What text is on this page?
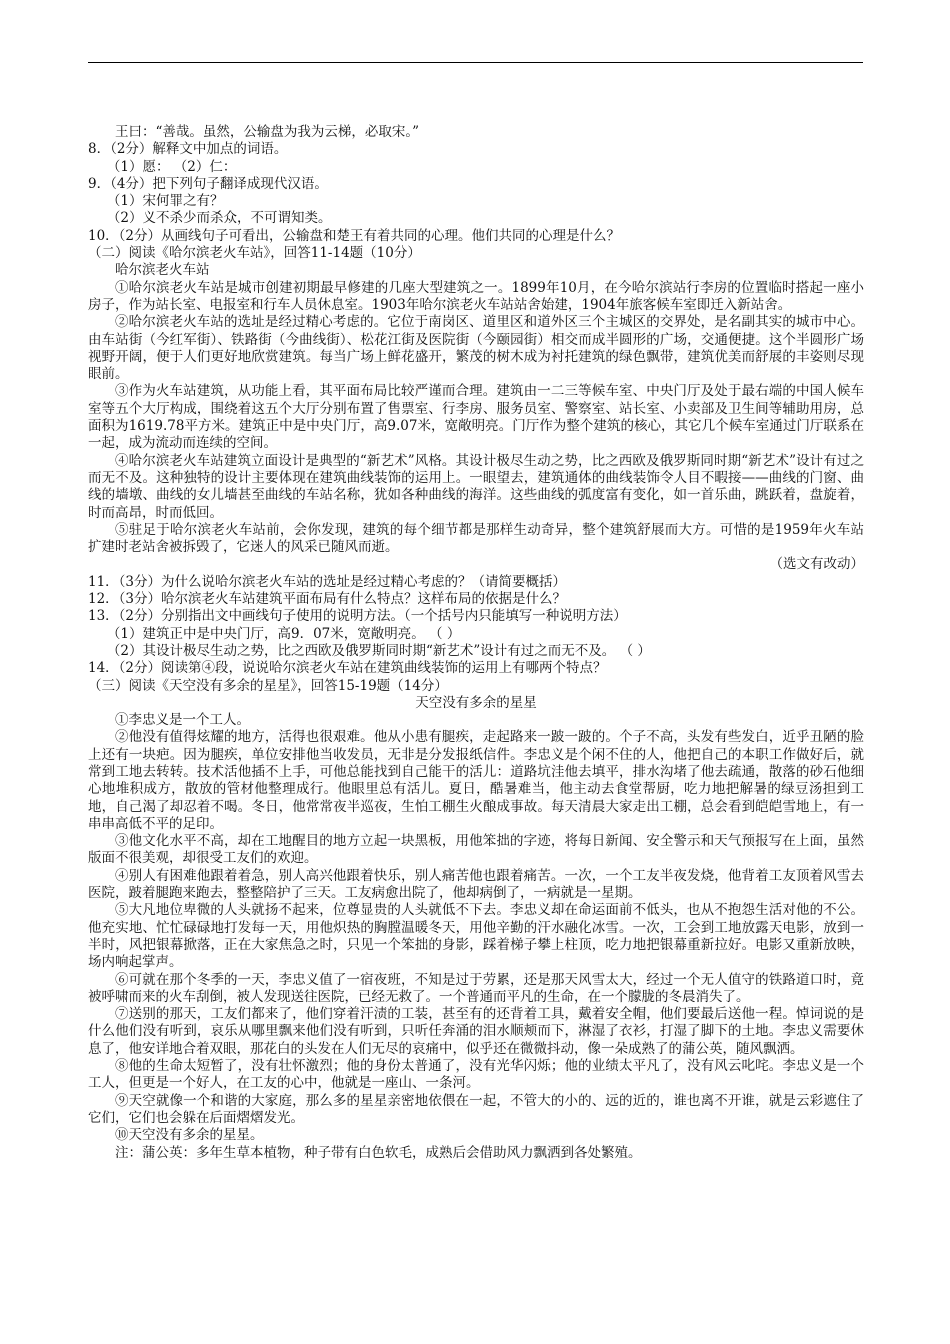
王曰：“善哉。虽然，公输盘为我为云梯，必取宋。”

8．（2分）解释文中加点的词语。

（1）愿： （2）仁：

9．（4分）把下列句子翻译成现代汉语。

（1）宋何罪之有？

（2）义不杀少而杀众，不可谓知类。

10．（2分）从画线句子可看出，公输盘和楚王有着共同的心理。他们共同的心理是什么？

（二）阅读《哈尔滨老火车站》，回答11-14题（10分）

哈尔滨老火车站

①哈尔滨老火车站是城市创建初期最早修建的几座大型建筑之一。1899年10月，在今哈尔滨站行李房的位置临时搭起一座小房子，作为站长室、电报室和行车人员休息室。1903年哈尔滨老火车站站舍始建，1904年旅客候车室即迁入新站舍。

②哈尔滨老火车站的选址是经过精心考虑的。它位于南岗区、道里区和道外区三个主城区的交界处，是名副其实的城市中心。由车站街（今红军街）、铁路街（今曲线街）、松花江街及医院街（今颐园街）相交而成半圆形的广场，交通便捷。这个半圆形广场视野开阔，便于人们更好地欣赏建筑。每当广场上鲜花盛开，繁茂的树木成为衬托建筑的绿色飘带，建筑优美而舒展的丰姿则尽现眼前。

③作为火车站建筑，从功能上看，其平面布局比较严谨而合理。建筑由一二三等候车室、中央门厅及处于最右端的中国人候车室等五个大厅构成，围绕着这五个大厅分别布置了售票室、行李房、服务员室、警察室、站长室、小卖部及卫生间等辅助用房，总面积为1619.78平方米。建筑正中是中央门厅，高9.07米，宽敞明亮。门厅作为整个建筑的核心，其它几个候车室通过门厅联系在一起，成为流动而连续的空间。

④哈尔滨老火车站建筑立面设计是典型的“新艺术”风格。其设计极尽生动之势，比之西欧及俄罗斯同时期“新艺术”设计有过之而无不及。这种独特的设计主要体现在建筑曲线装饰的运用上。一眼望去，建筑通体的曲线装饰令人目不暇接——曲线的门窗、曲线的墙墩、曲线的女儿墙甚至曲线的车站名称，犹如各种曲线的海洋。这些曲线的弧度富有变化，如一首乐曲，跳跃着，盘旋着，时而高昂，时而低回。

⑤驻足于哈尔滨老火车站前，会你发现，建筑的每个细节都是那样生动奇异，整个建筑舒展而大方。可惜的是1959年火车站扩建时老站舍被拆毁了，它迷人的风采已随风而逝。

（选文有改动）

11．（3分）为什么说哈尔滨老火车站的选址是经过精心考虑的？（请简要概括）

12．（3分）哈尔滨老火车站建筑平面布局有什么特点？这样布局的依据是什么？

13．（2分）分别指出文中画线句子使用的说明方法。（一个括号内只能填写一种说明方法）

（1）建筑正中是中央门厅，高9．07米，宽敞明亮。 （ ）

（2）其设计极尽生动之势，比之西欧及俄罗斯同时期“新艺术”设计有过之而无不及。 （ ）

14．（2分）阅读第④段，说说哈尔滨老火车站在建筑曲线装饰的运用上有哪两个特点？

（三）阅读《天空没有多余的星星》，回答15-19题（14分）

天空没有多余的星星

①李忠义是一个工人。

②他没有值得炫耀的地方，活得也很艰难。他从小患有腿疾，走起路来一跛一跛的。个子不高，头发有些发白，近乎丑陋的脸上还有一块疤。因为腿疾，单位安排他当收发员，无非是分发报纸信件。李忠义是个闲不住的人，他把自己的本职工作做好后，就常到工地去转转。技术活他插不上手，可他总能找到自己能干的活儿：道路坑洼他去填平，排水沟堵了他去疏通，散落的砂石他细心地堆积成方，散放的管材他整理成行。他眼里总有活儿。夏日，酷暑难当，他主动去食堂帮厨，吃力地把解暑的绿豆汤担到工地，自己渴了却忍着不喝。冬日，他常常夜半巡夜，生怕工棚生火酿成事故。每天清晨大家走出工棚，总会看到皑皑雪地上，有一串串高低不平的足印。

③他文化水平不高，却在工地醒目的地方立起一块黑板，用他笨拙的字迹，将每日新闻、安全警示和天气预报写在上面，虽然版面不很美观，却很受工友们的欢迎。

④别人有困难他跟着着急，别人高兴他跟着快乐，别人痛苦他也跟着痛苦。一次，一个工友半夜发烧，他背着工友顶着风雪去医院，跛着腿跑来跑去，整整陪护了三天。工友病愈出院了，他却病倒了，一病就是一星期。

⑤大凡地位卑微的人头就扬不起来，位尊显贵的人头就低不下去。李忠义却在命运面前不低头，也从不抱怨生活对他的不公。他充实地、忙忙碌碌地打发每一天，用他炽热的胸膛温暖冬天，用他辛勤的汗水融化冰雪。一次，工会到工地放露天电影，放到一半时，风把银幕掀落，正在大家焦急之时，只见一个笨拙的身影，踩着梯子攀上柱顶，吃力地把银幕重新拉好。电影又重新放映，场内响起掌声。

⑥可就在那个冬季的一天，李忠义值了一宿夜班，不知是过于劳累，还是那天风雪太大，经过一个无人值守的铁路道口时，竟被呼啸而来的火车刮倒，被人发现送往医院，已经无救了。一个普通而平凡的生命，在一个朦胧的冬晨消失了。

⑦送别的那天，工友们都来了，他们穿着汗渍的工装，甚至有的还背着工具，戴着安全帽，他们要最后送他一程。悼词说的是什么他们没有听到，哀乐从哪里飘来他们没有听到，只听任奔涌的泪水顺颊而下，淋湿了衣衫，打湿了脚下的土地。李忠义需要休息了，他安详地合着双眼，那花白的头发在人们无尽的哀痛中，似乎还在微微抖动，像一朵成熟了的蒲公英，随风飘洒。

⑧他的生命太短暂了，没有壮怀激烈；他的身份太普通了，没有光华闪烁；他的业绩太平凡了，没有风云叱咤。李忠义是一个工人，但更是一个好人，在工友的心中，他就是一座山、一条河。

⑨天空就像一个和谐的大家庭，那么多的星星亲密地依偎在一起，不管大的小的、远的近的，谁也离不开谁，就是云彩遮住了它们，它们也会躲在后面熠熠发光。

⑩天空没有多余的星星。

注：蒲公英：多年生草本植物，种子带有白色软毛，成熟后会借助风力飘洒到各处繁殖。
